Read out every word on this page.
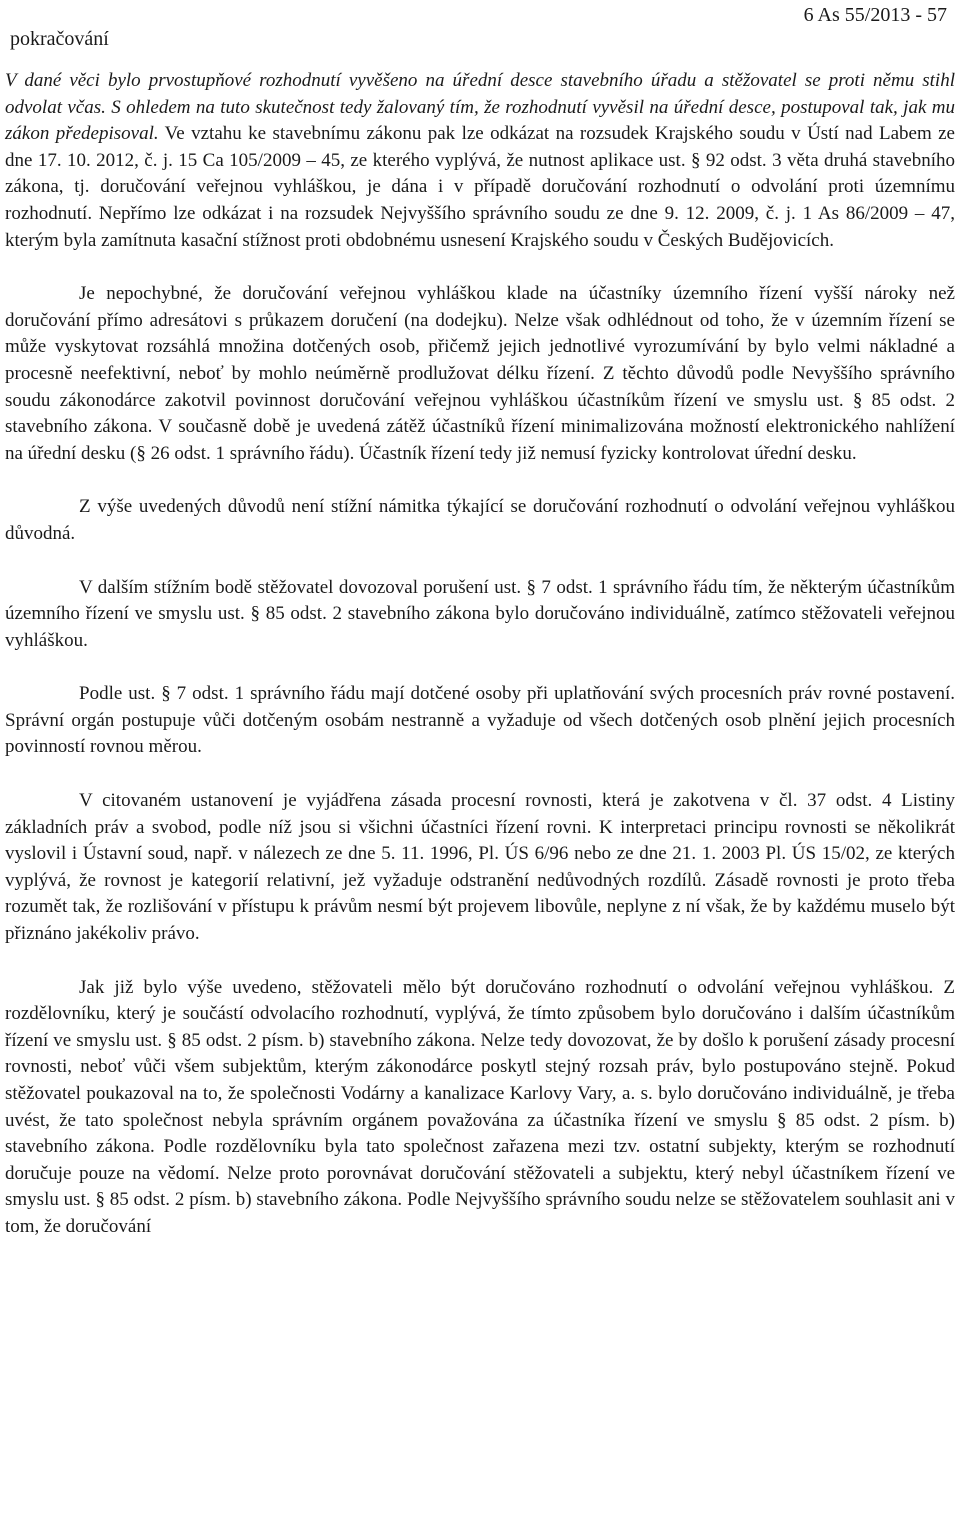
pokračování
6 As 55/2013 - 57

V dané věci bylo prvostupňové rozhodnutí vyvěšeno na úřední desce stavebního úřadu a stěžovatel se proti němu stihl odvolat včas. S ohledem na tuto skutečnost tedy žalovaný tím, že rozhodnutí vyvěsil na úřední desce, postupoval tak, jak mu zákon předepisoval. Ve vztahu ke stavebnímu zákonu pak lze odkázat na rozsudek Krajského soudu v Ústí nad Labem ze dne 17. 10. 2012, č. j. 15 Ca 105/2009 – 45, ze kterého vyplývá, že nutnost aplikace ust. § 92 odst. 3 věta druhá stavebního zákona, tj. doručování veřejnou vyhláškou, je dána i v případě doručování rozhodnutí o odvolání proti územnímu rozhodnutí. Nepřímo lze odkázat i na rozsudek Nejvyššího správního soudu ze dne 9. 12. 2009, č. j. 1 As 86/2009 – 47, kterým byla zamítnuta kasační stížnost proti obdobnému usnesení Krajského soudu v Českých Budějovicích.

Je nepochybné, že doručování veřejnou vyhláškou klade na účastníky územního řízení vyšší nároky než doručování přímo adresátovi s průkazem doručení (na dodejku). Nelze však odhlédnout od toho, že v územním řízení se může vyskytovat rozsáhlá množina dotčených osob, přičemž jejich jednotlivé vyrozumívání by bylo velmi nákladné a procesně neefektivní, neboť by mohlo neúměrně prodlužovat délku řízení. Z těchto důvodů podle Nevyššího správního soudu zákonodárce zakotvil povinnost doručování veřejnou vyhláškou účastníkům řízení ve smyslu ust. § 85 odst. 2 stavebního zákona. V současně době je uvedená zátěž účastníků řízení minimalizována možností elektronického nahlížení na úřední desku (§ 26 odst. 1 správního řádu). Účastník řízení tedy již nemusí fyzicky kontrolovat úřední desku.

Z výše uvedených důvodů není stížní námitka týkající se doručování rozhodnutí o odvolání veřejnou vyhláškou důvodná.

V dalším stížním bodě stěžovatel dovozoval porušení ust. § 7 odst. 1 správního řádu tím, že některým účastníkům územního řízení ve smyslu ust. § 85 odst. 2 stavebního zákona bylo doručováno individuálně, zatímco stěžovateli veřejnou vyhláškou.

Podle ust. § 7 odst. 1 správního řádu mají dotčené osoby při uplatňování svých procesních práv rovné postavení. Správní orgán postupuje vůči dotčeným osobám nestranně a vyžaduje od všech dotčených osob plnění jejich procesních povinností rovnou měrou.

V citovaném ustanovení je vyjádřena zásada procesní rovnosti, která je zakotvena v čl. 37 odst. 4 Listiny základních práv a svobod, podle níž jsou si všichni účastníci řízení rovni. K interpretaci principu rovnosti se několikrát vyslovil i Ústavní soud, např. v nálezech ze dne 5. 11. 1996, Pl. ÚS 6/96 nebo ze dne 21. 1. 2003 Pl. ÚS 15/02, ze kterých vyplývá, že rovnost je kategorií relativní, jež vyžaduje odstranění nedůvodných rozdílů. Zásadě rovnosti je proto třeba rozumět tak, že rozlišování v přístupu k právům nesmí být projevem libovůle, neplyne z ní však, že by každému muselo být přiznáno jakékoliv právo.

Jak již bylo výše uvedeno, stěžovateli mělo být doručováno rozhodnutí o odvolání veřejnou vyhláškou. Z rozdělovníku, který je součástí odvolacího rozhodnutí, vyplývá, že tímto způsobem bylo doručováno i dalším účastníkům řízení ve smyslu ust. § 85 odst. 2 písm. b) stavebního zákona. Nelze tedy dovozovat, že by došlo k porušení zásady procesní rovnosti, neboť vůči všem subjektům, kterým zákonodárce poskytl stejný rozsah práv, bylo postupováno stejně. Pokud stěžovatel poukazoval na to, že společnosti Vodárny a kanalizace Karlovy Vary, a. s. bylo doručováno individuálně, je třeba uvést, že tato společnost nebyla správním orgánem považována za účastníka řízení ve smyslu § 85 odst. 2 písm. b) stavebního zákona. Podle rozdělovníku byla tato společnost zařazena mezi tzv. ostatní subjekty, kterým se rozhodnutí doručuje pouze na vědomí. Nelze proto porovnávat doručování stěžovateli a subjektu, který nebyl účastníkem řízení ve smyslu ust. § 85 odst. 2 písm. b) stavebního zákona. Podle Nejvyššího správního soudu nelze se stěžovatelem souhlasit ani v tom, že doručování
